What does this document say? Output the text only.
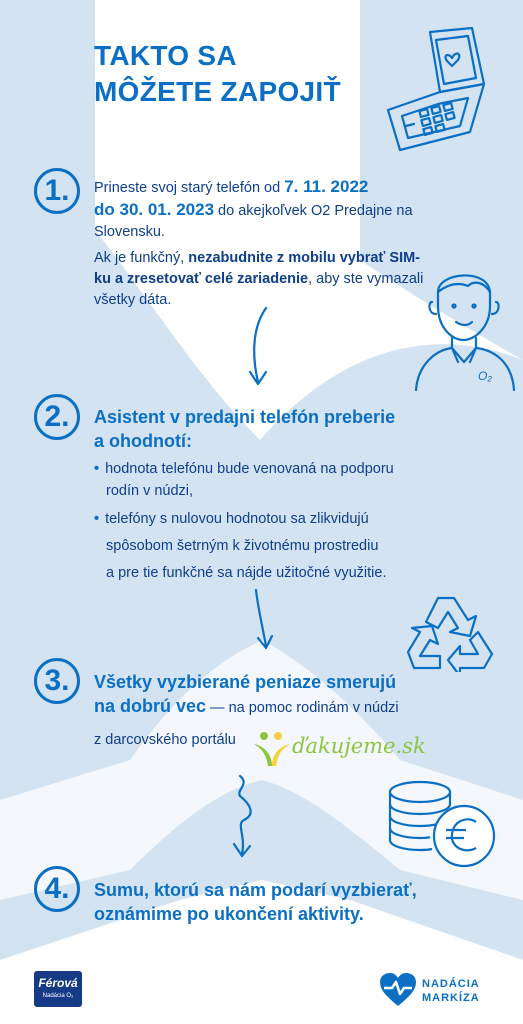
TAKTO SA
MÔŽETE ZAPOJIŤ
1.	Prineste svoj starý telefón od 7. 11. 2022
do 30. 01. 2023 do akejkoľvek O2 Predajne na Slovensku.
Ak je funkčný, nezabudnite z mobilu vybrať SIM-ku a zresetovať celé zariadenie, aby ste vymazali všetky dáta.
O₂
2.	Asistent v predajni telefón preberie
a ohodnotí:
• hodnota telefónu bude venovaná na podporu
rodín v núdzi,
• telefóny s nulovou hodnotou sa zlikvidujú
spôsobom šetrným k životnému prostrediu
a pre tie funkčné sa nájde užitočné využitie.
3.	Všetky vyzbierané peniaze smerujú
na dobrú vec — na pomoc rodinám v núdzi
z darcovského portálu	ďakujeme.sk
4.	Sumu, ktorú sa nám podarí vyzbierať,
oznámime po ukončení aktivity.
Férová
Nadácia O₂
NADÁCIA
MARKÍZA
